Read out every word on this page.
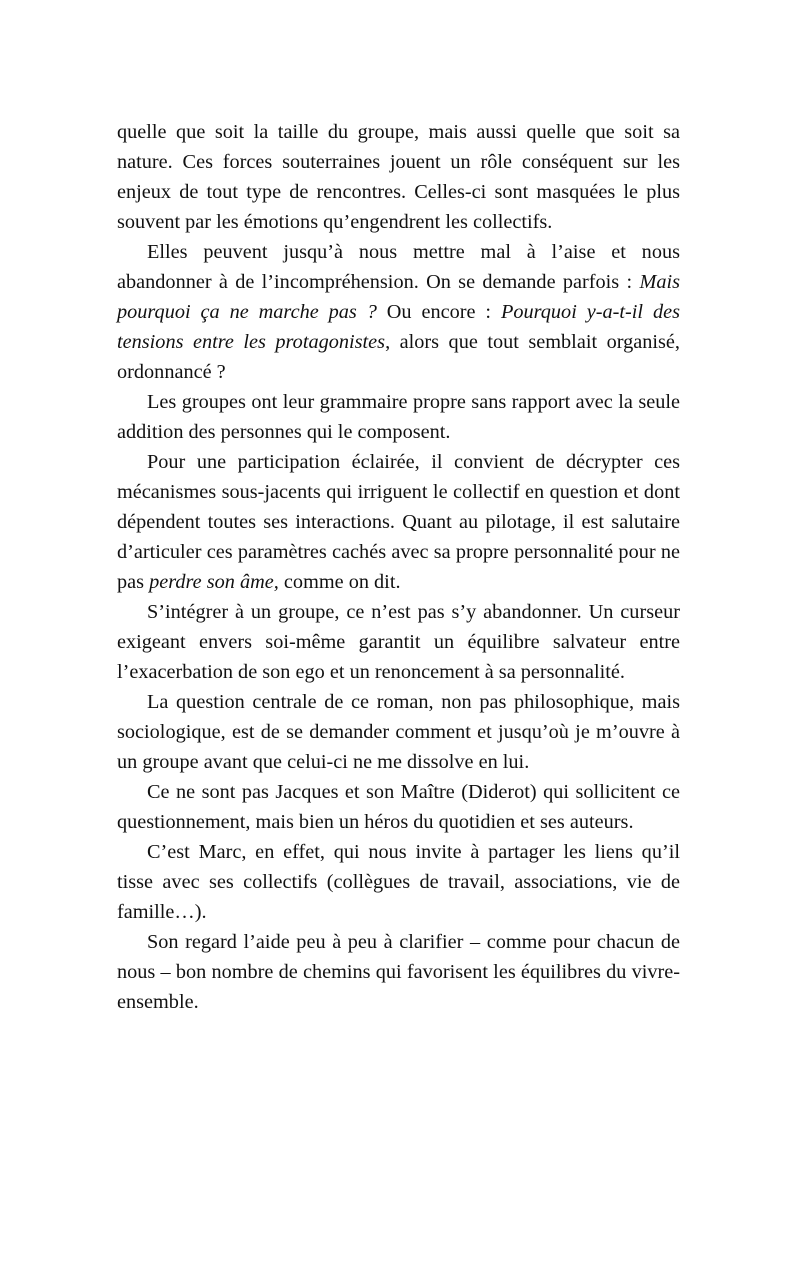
quelle que soit la taille du groupe, mais aussi quelle que soit sa nature. Ces forces souterraines jouent un rôle conséquent sur les enjeux de tout type de rencontres. Celles-ci sont masquées le plus souvent par les émotions qu’engendrent les collectifs.

Elles peuvent jusqu’à nous mettre mal à l’aise et nous abandonner à de l’incompréhension. On se demande parfois : Mais pourquoi ça ne marche pas ? Ou encore : Pourquoi y-a-t-il des tensions entre les protagonistes, alors que tout semblait organisé, ordonnancé ?

Les groupes ont leur grammaire propre sans rapport avec la seule addition des personnes qui le composent.

Pour une participation éclairée, il convient de décrypter ces mécanismes sous-jacents qui irriguent le collectif en question et dont dépendent toutes ses interactions. Quant au pilotage, il est salutaire d’articuler ces paramètres cachés avec sa propre personnalité pour ne pas perdre son âme, comme on dit.

S’intégrer à un groupe, ce n’est pas s’y abandonner. Un curseur exigeant envers soi-même garantit un équilibre salvateur entre l’exacerbation de son ego et un renoncement à sa personnalité.

La question centrale de ce roman, non pas philosophique, mais sociologique, est de se demander comment et jusqu’où je m’ouvre à un groupe avant que celui-ci ne me dissolve en lui.

Ce ne sont pas Jacques et son Maître (Diderot) qui sollicitent ce questionnement, mais bien un héros du quotidien et ses auteurs.

C’est Marc, en effet, qui nous invite à partager les liens qu’il tisse avec ses collectifs (collègues de travail, associations, vie de famille…).

Son regard l’aide peu à peu à clarifier – comme pour chacun de nous – bon nombre de chemins qui favorisent les équilibres du vivre-ensemble.
